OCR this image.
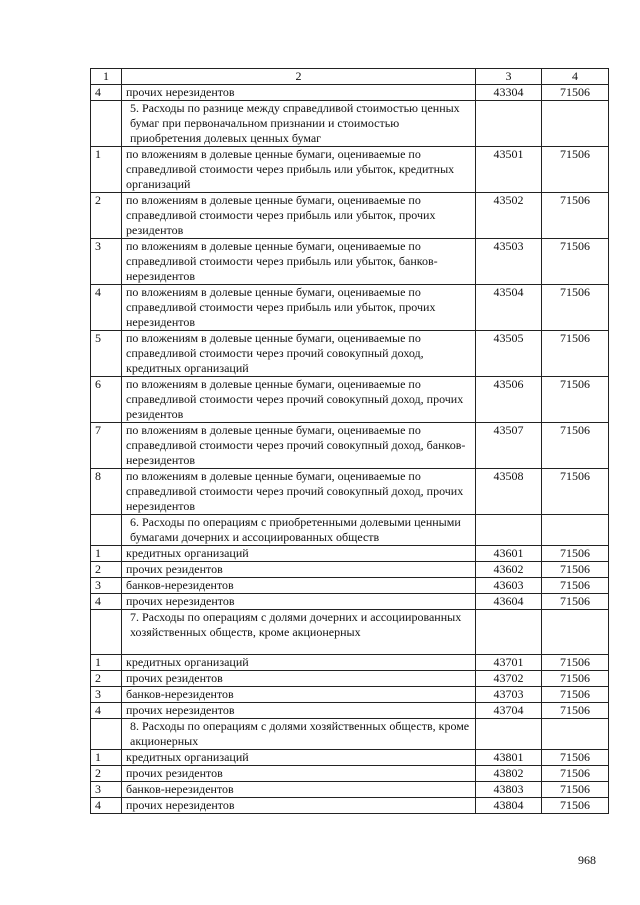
1	2	3	4
4	прочих нерезидентов	43304	71506
	5. Расходы по разнице между справедливой стоимостью ценных бумаг при первоначальном признании и стоимостью приобретения долевых ценных бумаг		
1	по вложениям в долевые ценные бумаги, оцениваемые по справедливой стоимости через прибыль или убыток, кредитных организаций	43501	71506
2	по вложениям в долевые ценные бумаги, оцениваемые по справедливой стоимости через прибыль или убыток, прочих резидентов	43502	71506
3	по вложениям в долевые ценные бумаги, оцениваемые по справедливой стоимости через прибыль или убыток, банков-нерезидентов	43503	71506
4	по вложениям в долевые ценные бумаги, оцениваемые по справедливой стоимости через прибыль или убыток, прочих нерезидентов	43504	71506
5	по вложениям в долевые ценные бумаги, оцениваемые по справедливой стоимости через прочий совокупный доход, кредитных организаций	43505	71506
6	по вложениям в долевые ценные бумаги, оцениваемые по справедливой стоимости через прочий совокупный доход, прочих резидентов	43506	71506
7	по вложениям в долевые ценные бумаги, оцениваемые по справедливой стоимости через прочий совокупный доход, банков-нерезидентов	43507	71506
8	по вложениям в долевые ценные бумаги, оцениваемые по справедливой стоимости через прочий совокупный доход, прочих нерезидентов	43508	71506
	6. Расходы по операциям с приобретенными долевыми ценными бумагами дочерних и ассоциированных обществ		
1	кредитных организаций	43601	71506
2	прочих резидентов	43602	71506
3	банков-нерезидентов	43603	71506
4	прочих нерезидентов	43604	71506
	7. Расходы по операциям с долями дочерних и ассоциированных хозяйственных обществ, кроме акционерных		
1	кредитных организаций	43701	71506
2	прочих резидентов	43702	71506
3	банков-нерезидентов	43703	71506
4	прочих нерезидентов	43704	71506
	8. Расходы по операциям с долями хозяйственных обществ, кроме акционерных		
1	кредитных организаций	43801	71506
2	прочих резидентов	43802	71506
3	банков-нерезидентов	43803	71506
4	прочих нерезидентов	43804	71506
968
